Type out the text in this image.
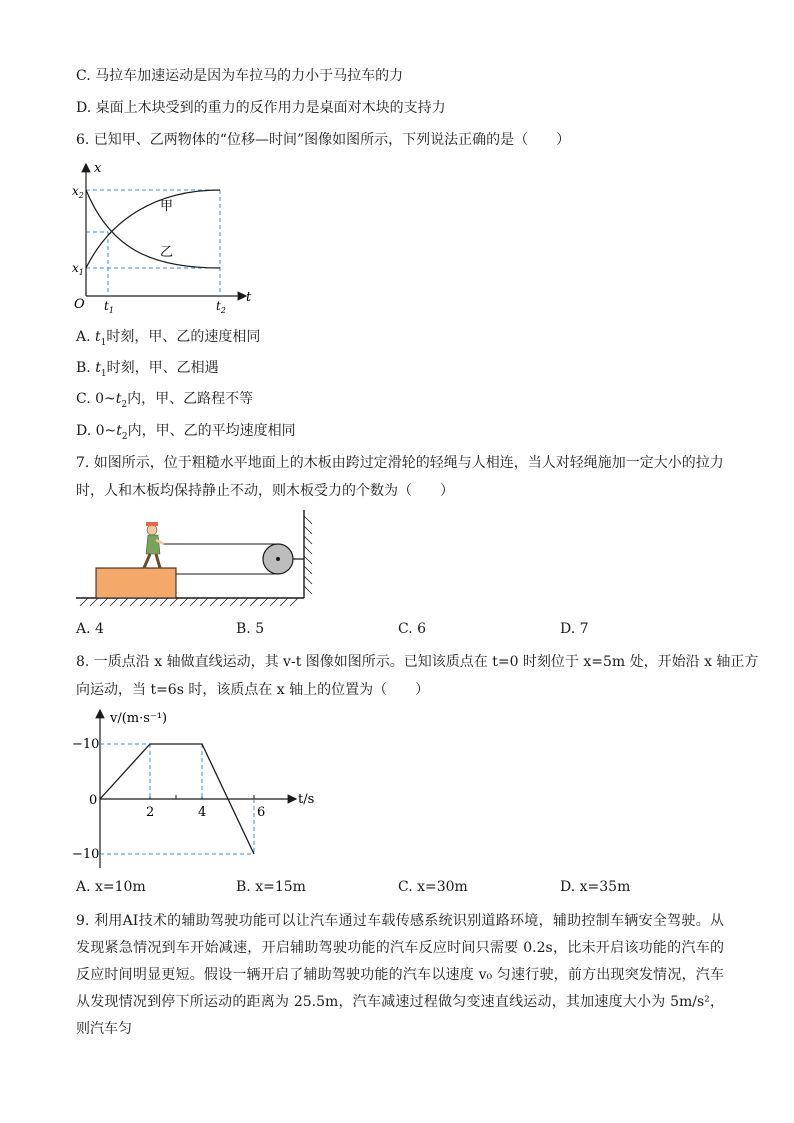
C. 马拉车加速运动是因为车拉马的力小于马拉车的力
D. 桌面上木块受到的重力的反作用力是桌面对木块的支持力
6. 已知甲、乙两物体的“位移—时间”图像如图所示，下列说法正确的是（　　）
x
t
O
甲
乙
$x_2$
$x_1$
$t_1$	$t_2$
A. $t_1$时刻，甲、乙的速度相同
B. $t_1$时刻，甲、乙相遇
C. $0\sim t_2$内，甲、乙路程不等
D. $0\sim t_2$内，甲、乙的平均速度相同
7. 如图所示，位于粗糙水平地面上的木板由跨过定滑轮的轻绳与人相连，当人对轻绳施加一定大小的拉力
时，人和木板均保持静止不动，则木板受力的个数为（　　）
A. 4	B. 5	C. 6	D. 7
8. 一质点沿 x 轴做直线运动，其 v-t 图像如图所示。已知该质点在 t=0 时刻位于 x=5m 处，开始沿 x 轴正方
向运动，当 t=6s 时，该质点在 x 轴上的位置为（　　）
v/(m·s⁻¹)
t/s
0
−10
−10
2	4	6
A. x=10m	B. x=15m	C. x=30m	D. x=35m
9. 利用AI技术的辅助驾驶功能可以让汽车通过车载传感系统识别道路环境，辅助控制车辆安全驾驶。从发现紧急情况到车开始减速，开启辅助驾驶功能的汽车反应时间只需要 0.2s，比未开启该功能的汽车的反应时间明显更短。假设一辆开启了辅助驾驶功能的汽车以速度 v₀ 匀速行驶，前方出现突发情况，汽车从发现情况到停下所运动的距离为 25.5m，汽车减速过程做匀变速直线运动，其加速度大小为 5m/s²，则汽车匀
